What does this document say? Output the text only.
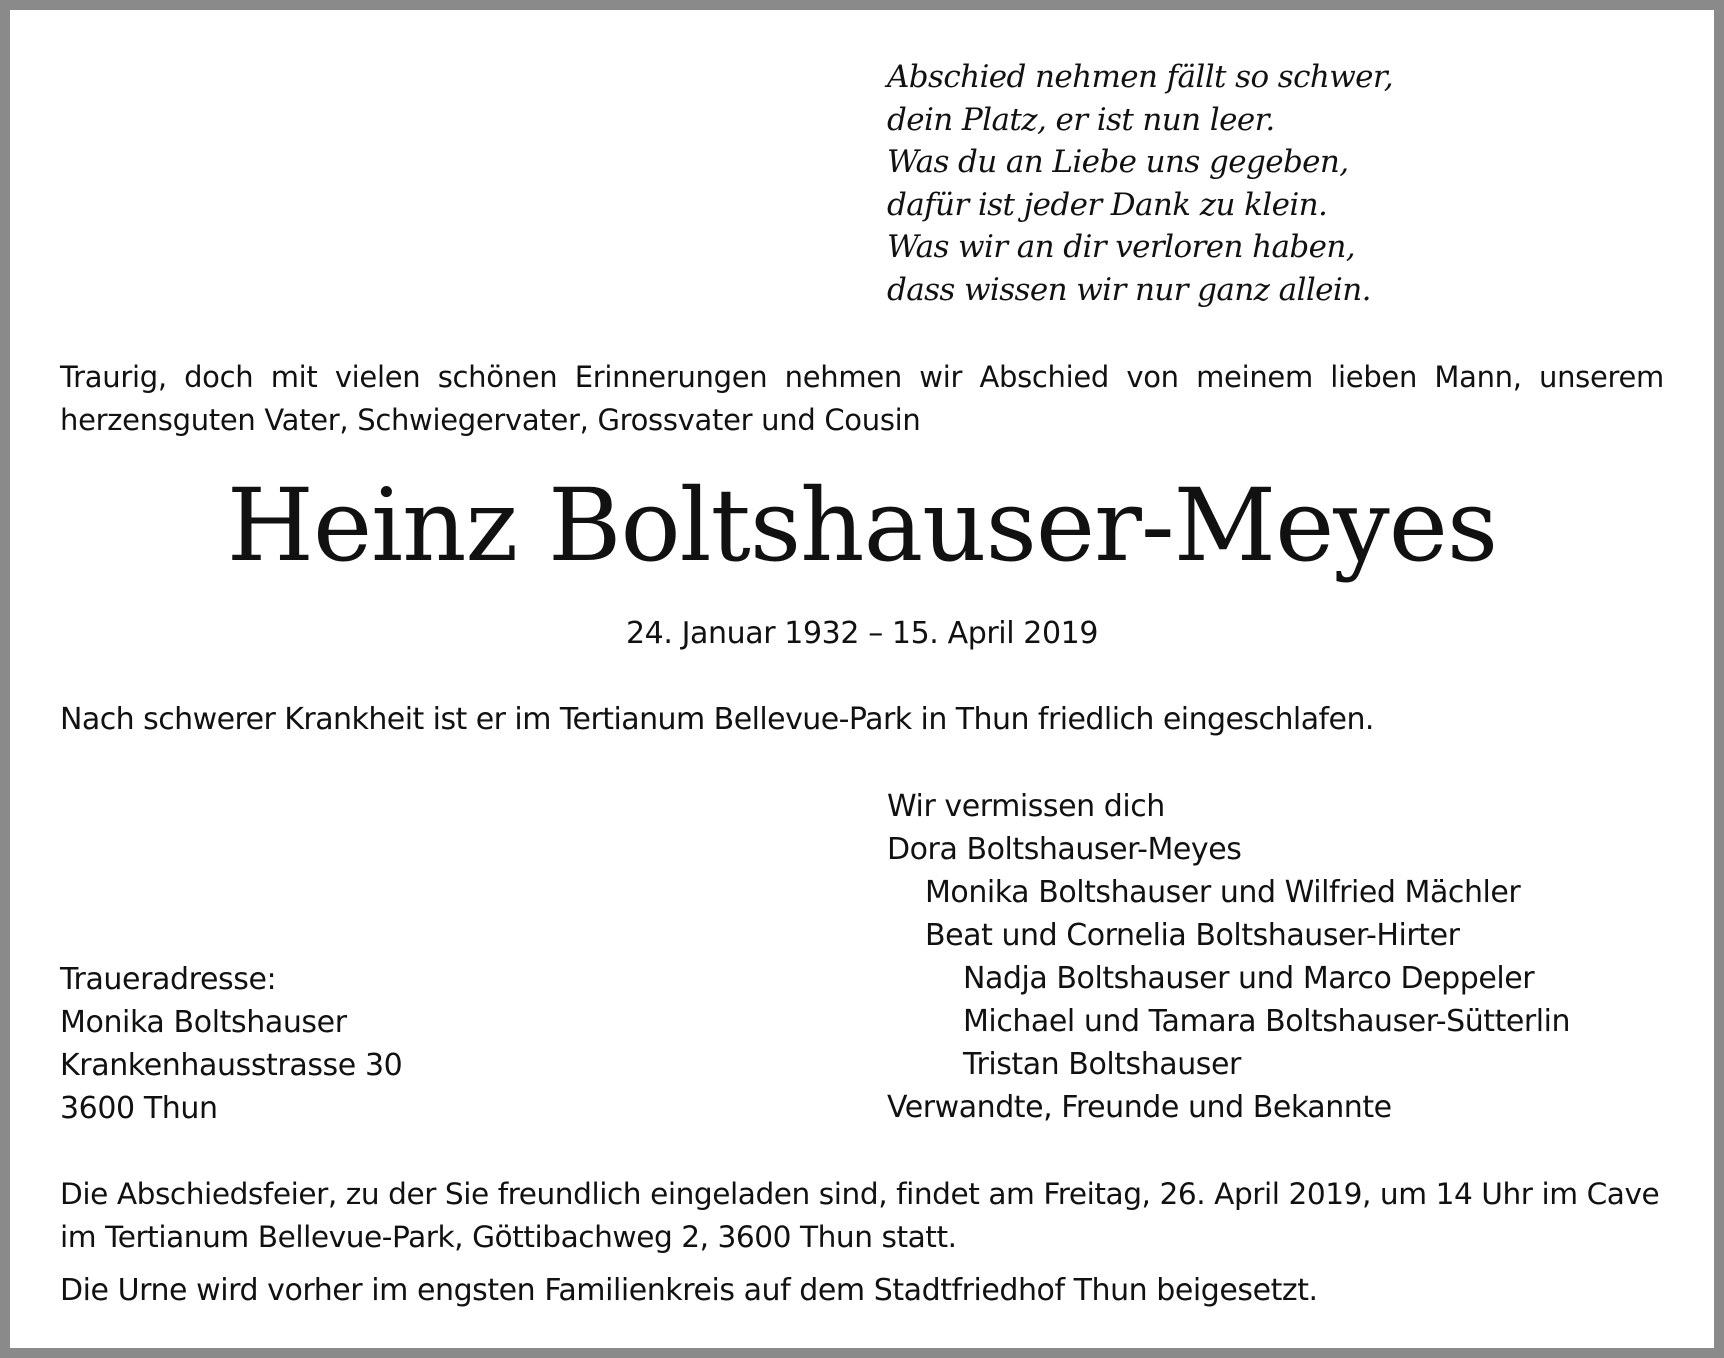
Abschied nehmen fällt so schwer,
dein Platz, er ist nun leer.
Was du an Liebe uns gegeben,
dafür ist jeder Dank zu klein.
Was wir an dir verloren haben,
dass wissen wir nur ganz allein.
Traurig, doch mit vielen schönen Erinnerungen nehmen wir Abschied von meinem lieben Mann, unserem herzensguten Vater, Schwiegervater, Grossvater und Cousin
Heinz Boltshauser-Meyes
24. Januar 1932 – 15. April 2019
Nach schwerer Krankheit ist er im Tertianum Bellevue-Park in Thun friedlich eingeschlafen.
Wir vermissen dich
Dora Boltshauser-Meyes
Monika Boltshauser und Wilfried Mächler
Beat und Cornelia Boltshauser-Hirter
Nadja Boltshauser und Marco Deppeler
Michael und Tamara Boltshauser-Sütterlin
Tristan Boltshauser
Verwandte, Freunde und Bekannte
Traueradresse:
Monika Boltshauser
Krankenhausstrasse 30
3600 Thun
Die Abschiedsfeier, zu der Sie freundlich eingeladen sind, findet am Freitag, 26. April 2019, um 14 Uhr im Cave im Tertianum Bellevue-Park, Göttibachweg 2, 3600 Thun statt.
Die Urne wird vorher im engsten Familienkreis auf dem Stadtfriedhof Thun beigesetzt.
